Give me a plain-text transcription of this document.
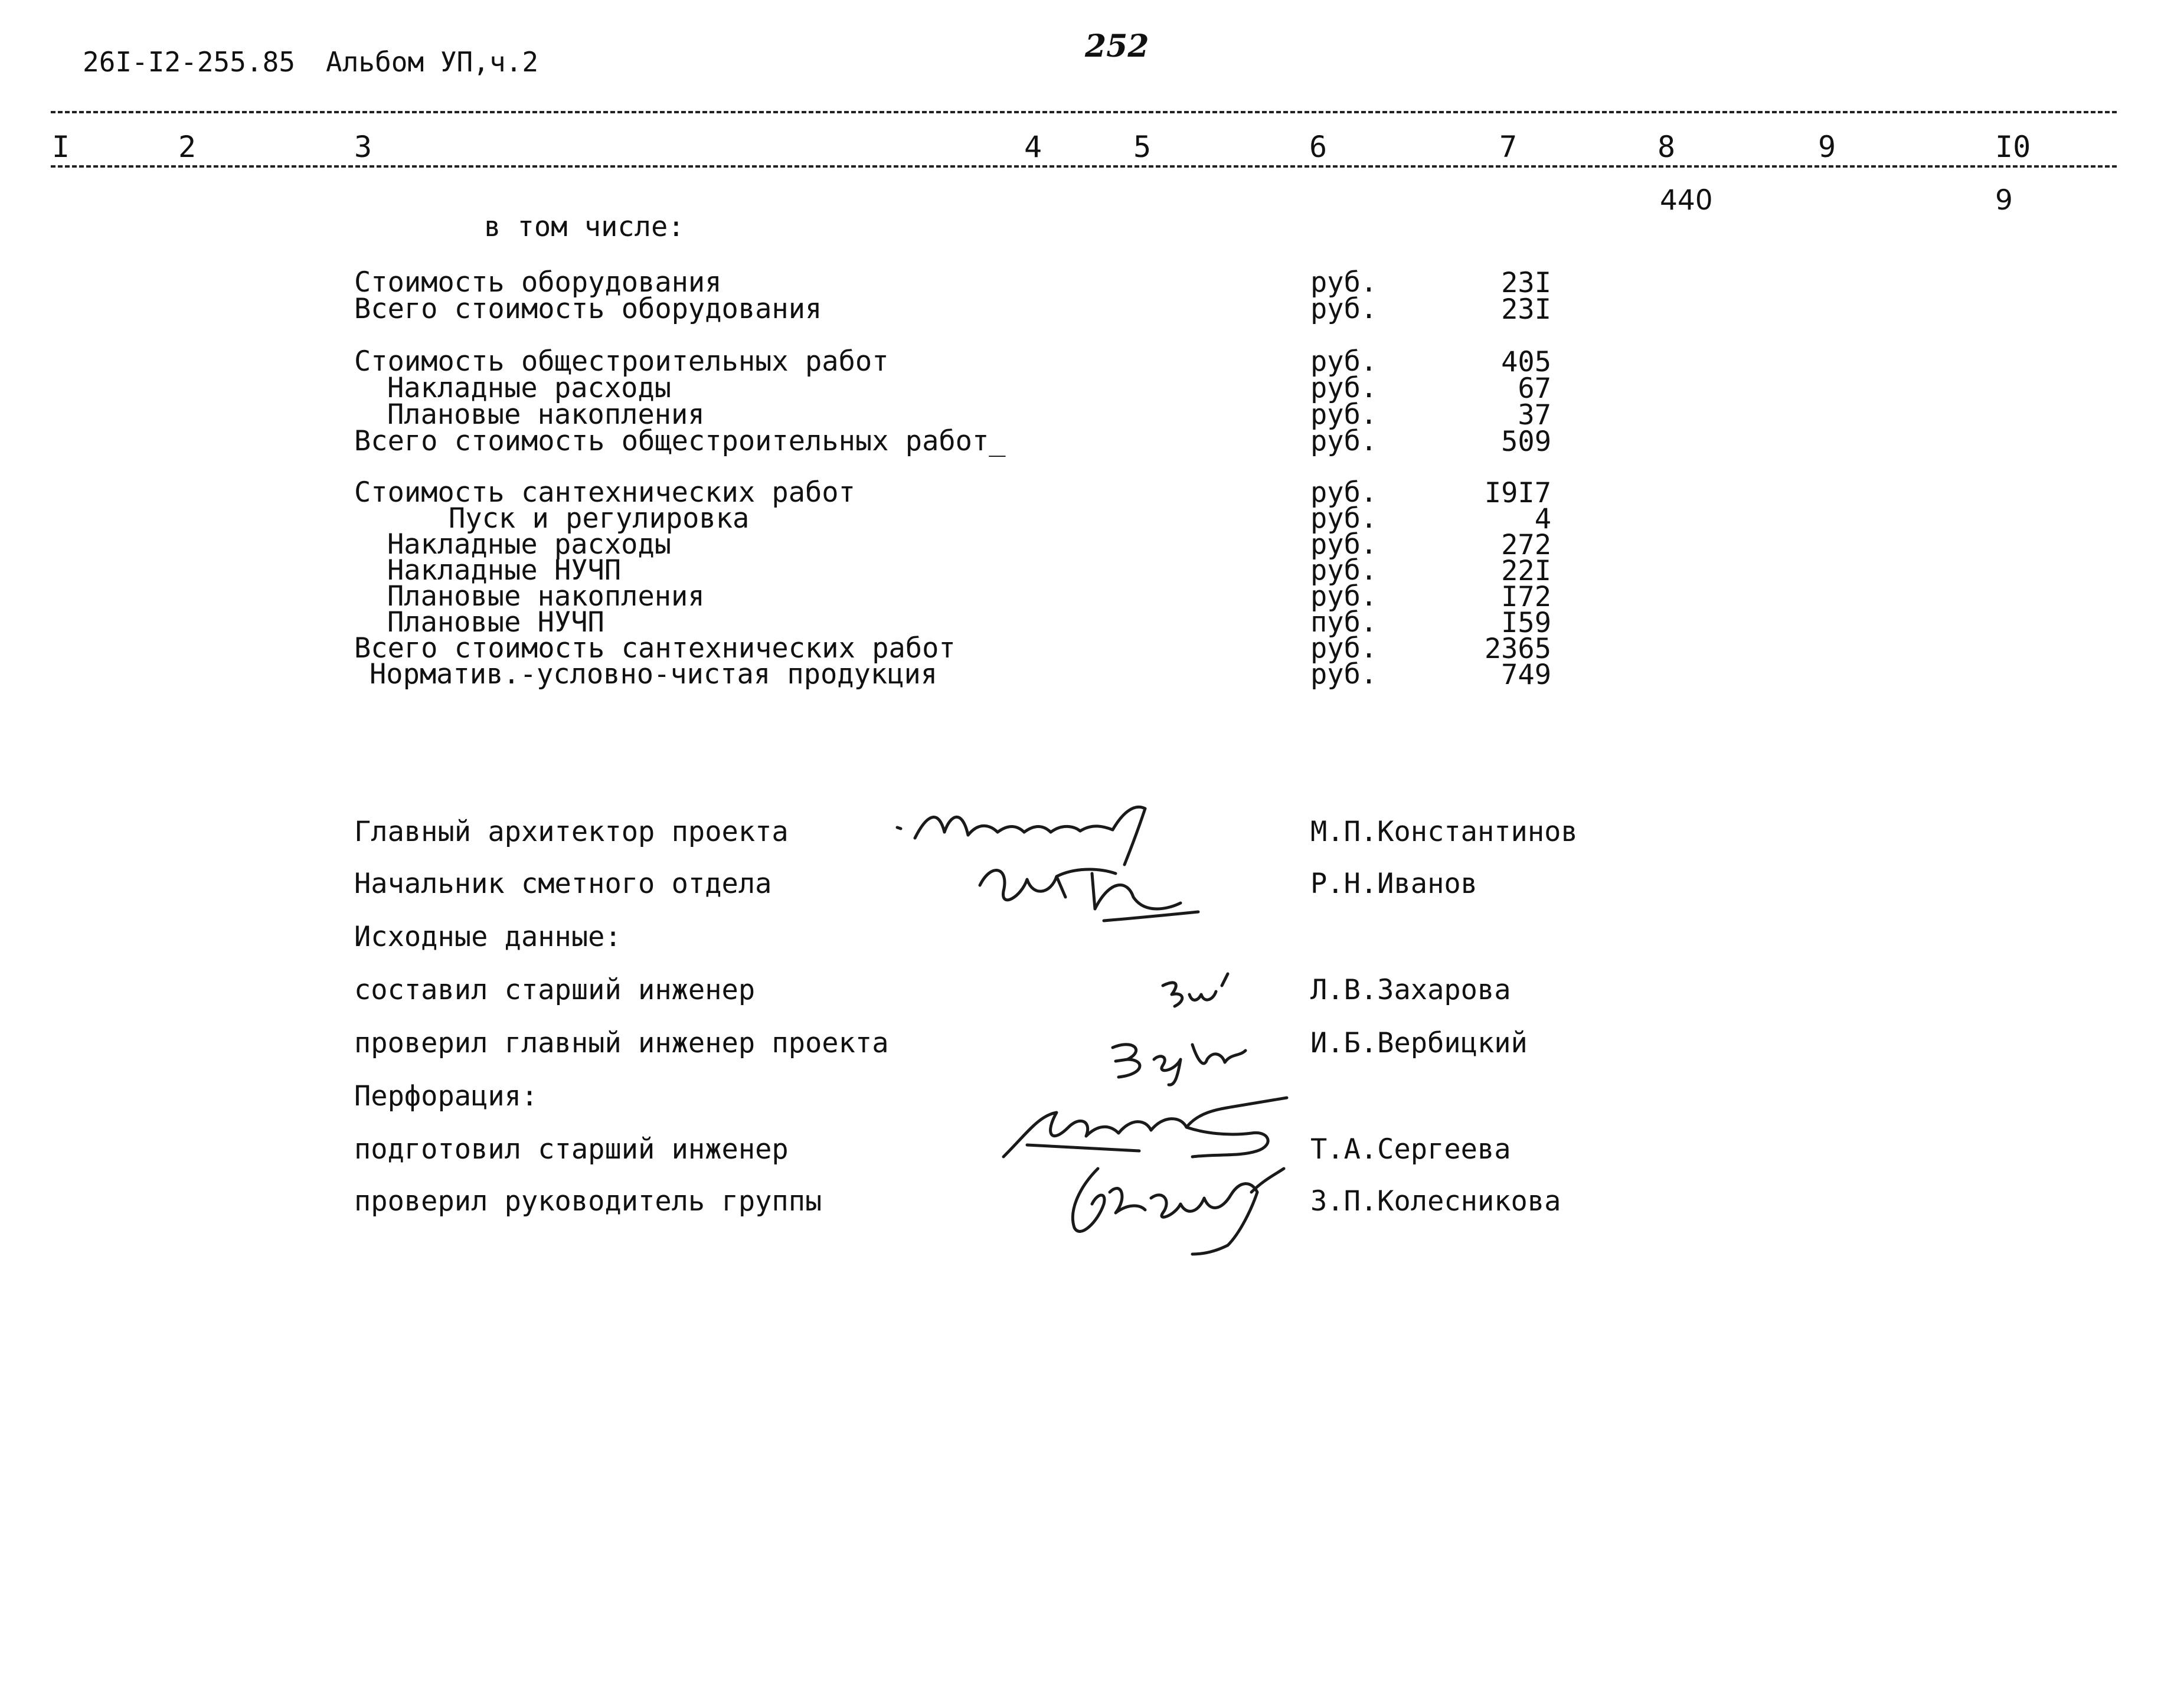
26I-I2-255.85 Альбом УП,ч.2	252
I	2	3	4	5	6	7	8	9	I0
440	9
в том числе:
Стоимость оборудования	руб.	23I
Всего стоимость оборудования	руб.	23I
Стоимость общестроительных работ	руб.	405
Накладные расходы	руб.	67
Плановые накопления	руб.	37
Всего стоимость общестроительных работ_	руб.	509
Стоимость сантехнических работ	руб.	I9I7
Пуск и регулировка	руб.	4
Накладные расходы	руб.	272
Накладные НУЧП	руб.	22I
Плановые накопления	руб.	I72
Плановые НУЧП	пуб.	I59
Всего стоимость сантехнических работ	руб.	2365
Норматив.-условно-чистая продукция	руб.	749
Главный архитектор проекта	М.П.Константинов
Начальник сметного отдела	Р.Н.Иванов
Исходные данные:
составил старший инженер	Л.В.Захарова
проверил главный инженер проекта	И.Б.Вербицкий
Перфорация:
подготовил старший инженер	Т.А.Сергеева
проверил руководитель группы	З.П.Колесникова
